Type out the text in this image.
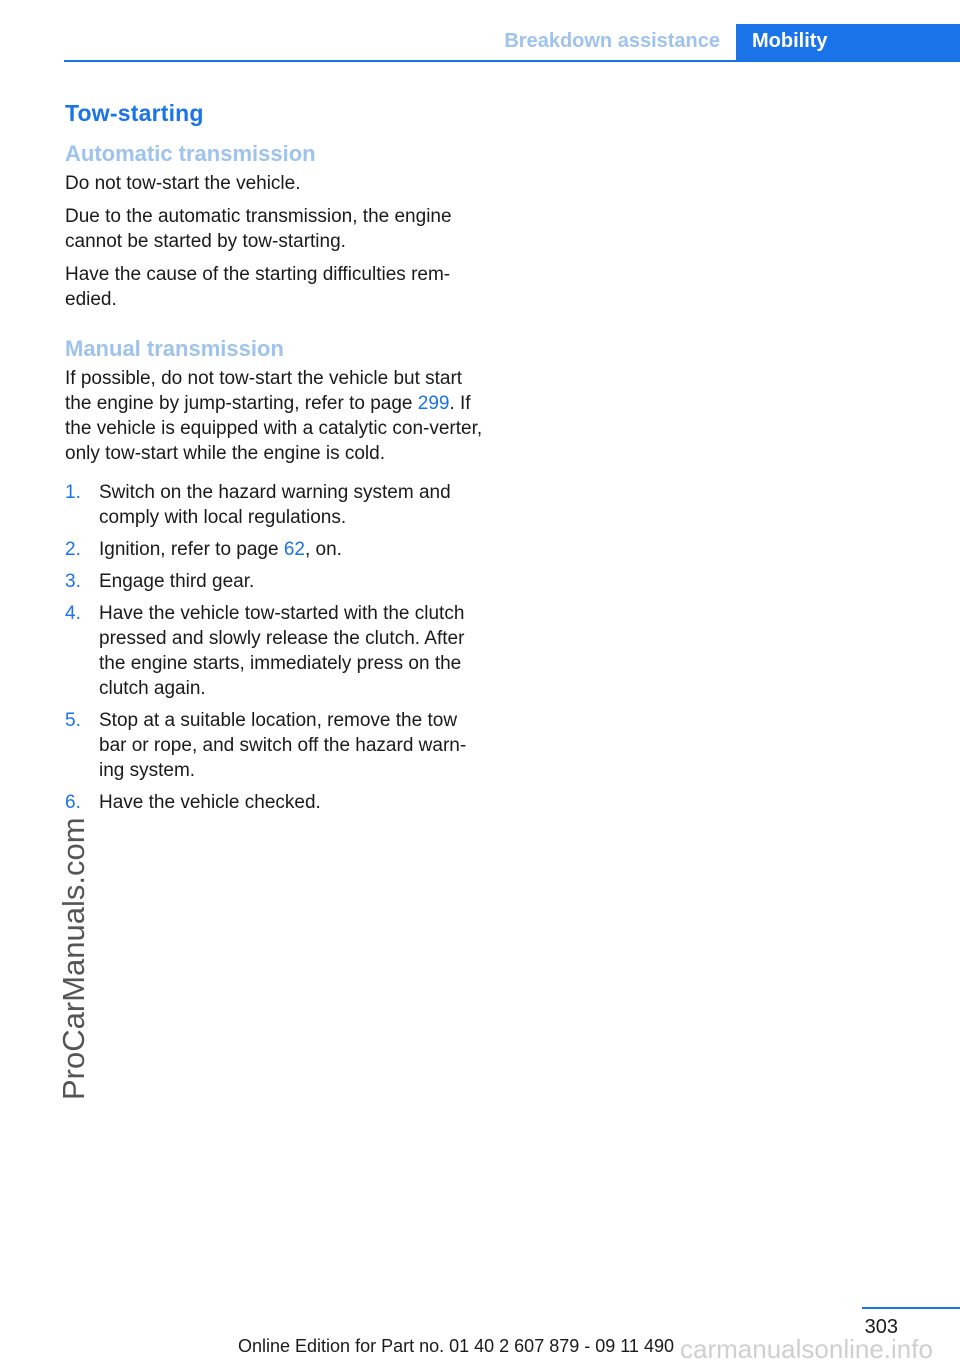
Breakdown assistance	Mobility
Tow-starting
Automatic transmission

Do not tow-start the vehicle.

Due to the automatic transmission, the engine cannot be started by tow-starting.

Have the cause of the starting difficulties rem-edied.

Manual transmission

If possible, do not tow-start the vehicle but start the engine by jump-starting, refer to page 299. If the vehicle is equipped with a catalytic con-verter, only tow-start while the engine is cold.

1. Switch on the hazard warning system and comply with local regulations.
2. Ignition, refer to page 62, on.
3. Engage third gear.
4. Have the vehicle tow-started with the clutch pressed and slowly release the clutch. After the engine starts, immediately press on the clutch again.
5. Stop at a suitable location, remove the tow bar or rope, and switch off the hazard warn-ing system.
6. Have the vehicle checked.
ProCarManuals.com
303
Online Edition for Part no. 01 40 2 607 879 - 09 11 490 carmanualsonline.info
